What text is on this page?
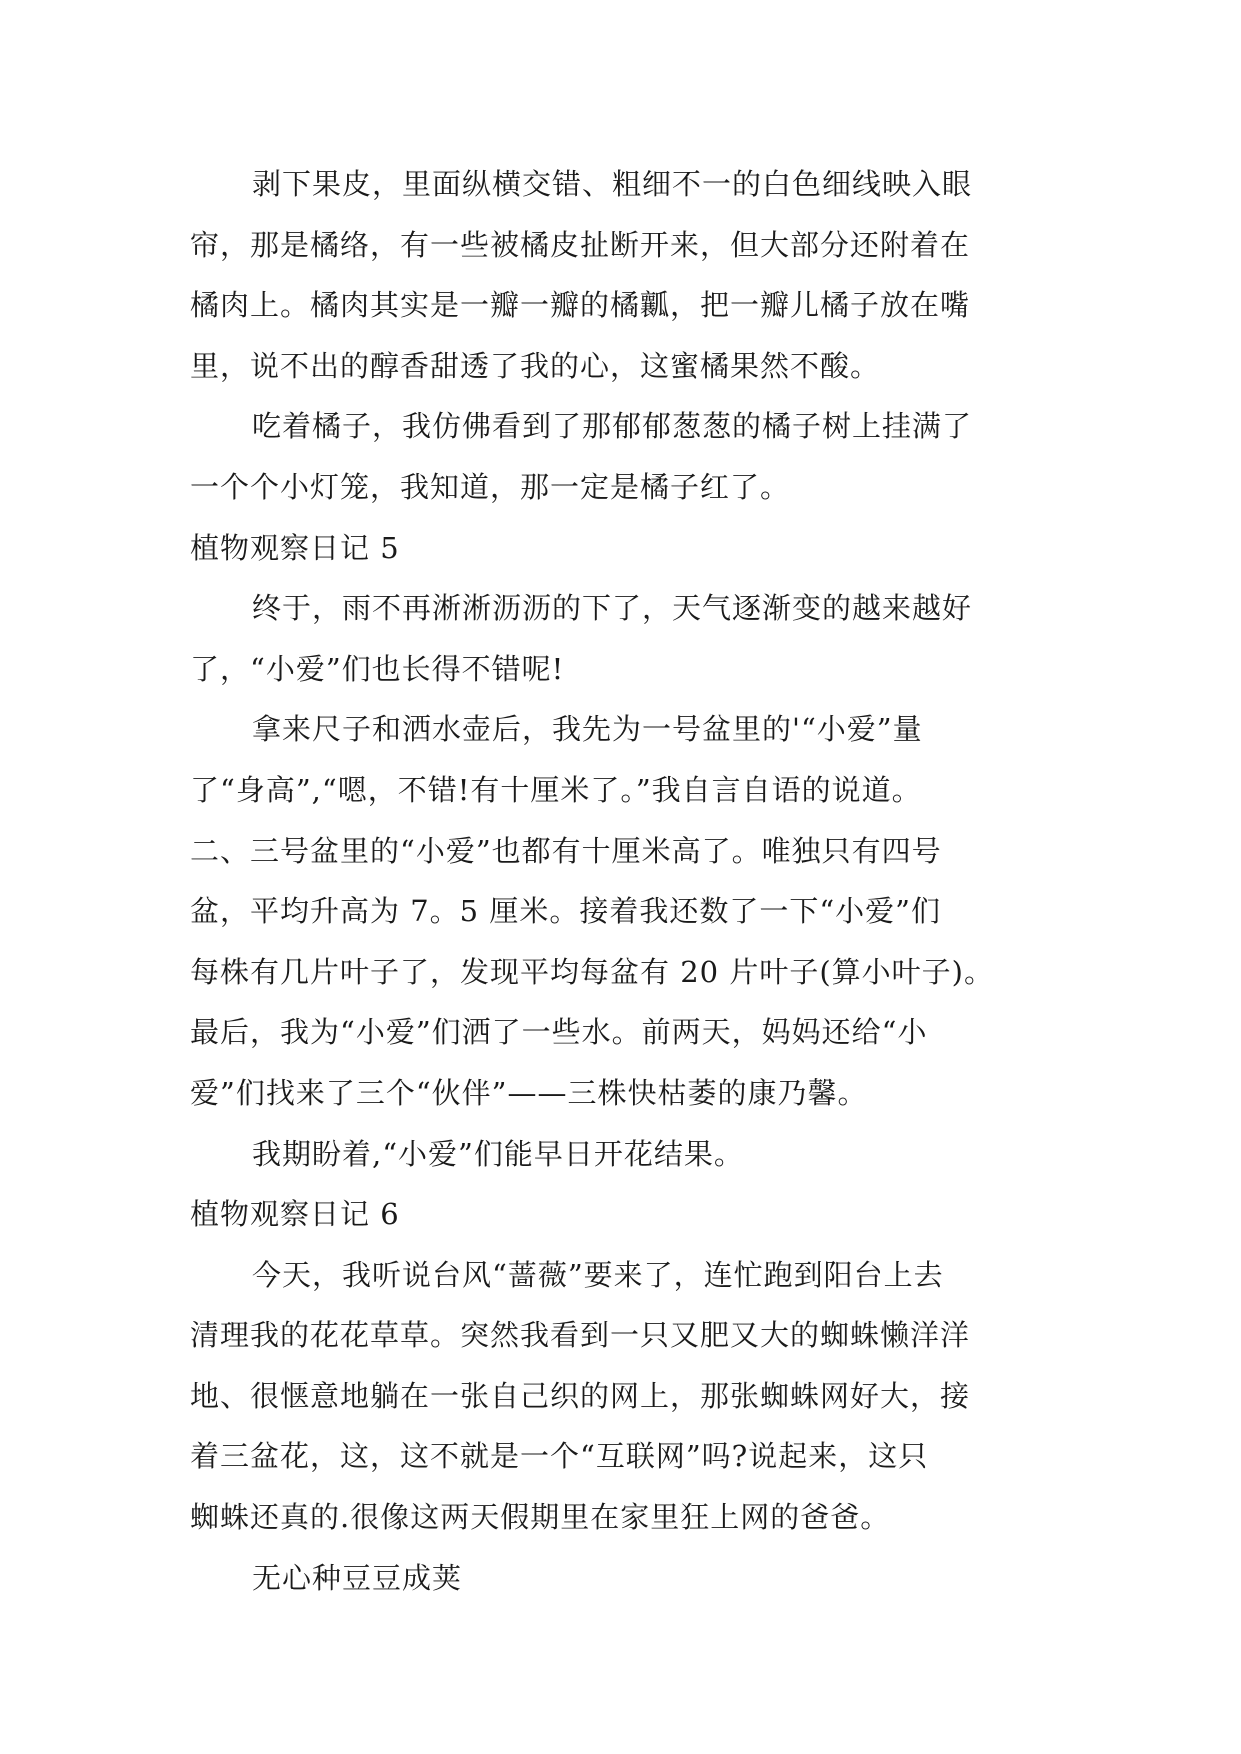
剥下果皮，里面纵横交错、粗细不一的白色细线映入眼
帘，那是橘络，有一些被橘皮扯断开来，但大部分还附着在
橘肉上。橘肉其实是一瓣一瓣的橘瓤，把一瓣儿橘子放在嘴
里，说不出的醇香甜透了我的心，这蜜橘果然不酸。
吃着橘子，我仿佛看到了那郁郁葱葱的橘子树上挂满了
一个个小灯笼，我知道，那一定是橘子红了。
植物观察日记 5
终于，雨不再淅淅沥沥的下了，天气逐渐变的越来越好
了，“小爱”们也长得不错呢!
拿来尺子和洒水壶后，我先为一号盆里的'“小爱”量
了“身高”,“嗯，不错!有十厘米了。”我自言自语的说道。
二、三号盆里的“小爱”也都有十厘米高了。唯独只有四号
盆，平均升高为 7。5 厘米。接着我还数了一下“小爱”们
每株有几片叶子了，发现平均每盆有 20 片叶子(算小叶子)。
最后，我为“小爱”们洒了一些水。前两天，妈妈还给“小
爱”们找来了三个“伙伴”——三株快枯萎的康乃馨。
我期盼着,“小爱”们能早日开花结果。
植物观察日记 6
今天，我听说台风“蔷薇”要来了，连忙跑到阳台上去
清理我的花花草草。突然我看到一只又肥又大的蜘蛛懒洋洋
地、很惬意地躺在一张自己织的网上，那张蜘蛛网好大，接
着三盆花，这，这不就是一个“互联网”吗?说起来，这只
蜘蛛还真的.很像这两天假期里在家里狂上网的爸爸。
无心种豆豆成荚
